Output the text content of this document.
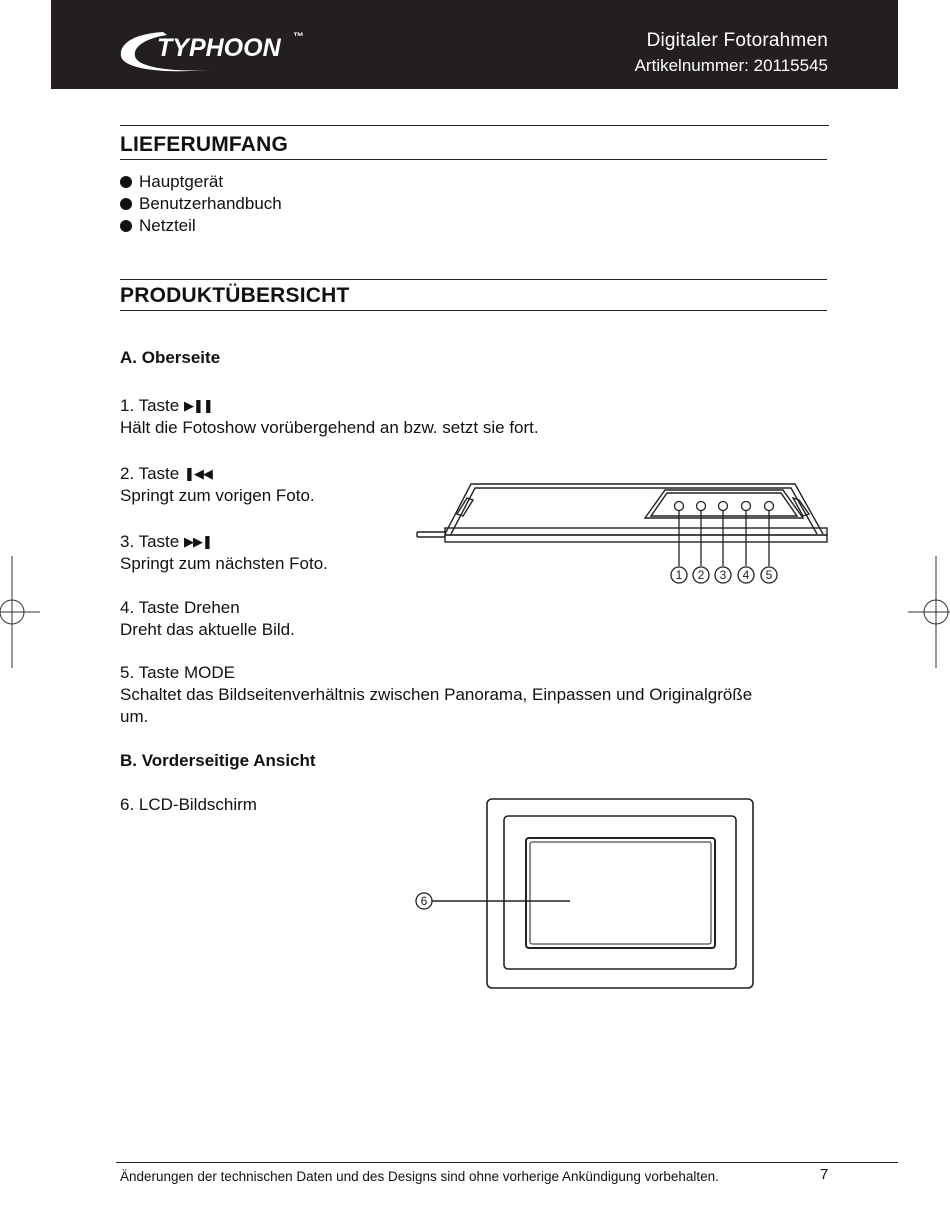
TYPHOON ™	Digitaler Fotorahmen
Artikelnummer: 20115545
LIEFERUMFANG
Hauptgerät
Benutzerhandbuch
Netzteil
PRODUKTÜBERSICHT
A. Oberseite
1. Taste ▶❚❚
Hält die Fotoshow vorübergehend an bzw. setzt sie fort.
2. Taste ❚◀◀
Springt zum vorigen Foto.
3. Taste ▶▶❚
Springt zum nächsten Foto.
4. Taste Drehen
Dreht das aktuelle Bild.
5. Taste MODE
Schaltet das Bildseitenverhältnis zwischen Panorama, Einpassen und Originalgröße
um.
B. Vorderseitige Ansicht
6. LCD-Bildschirm
1 2 3 4 5
6
Änderungen der technischen Daten und des Designs sind ohne vorherige Ankündigung vorbehalten.	7
